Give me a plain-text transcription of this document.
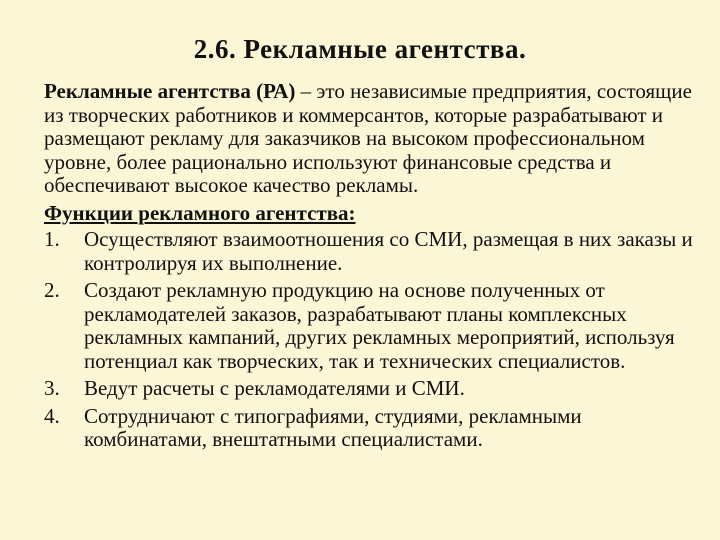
2.6. Рекламные агентства.

Рекламные агентства (РА) – это независимые предприятия, состоящие из творческих работников и коммерсантов, которые разрабатывают и размещают рекламу для заказчиков на высоком профессиональном уровне, более рационально используют финансовые средства и обеспечивают высокое качество рекламы.

Функции рекламного агентства:
1.	Осуществляют взаимоотношения со СМИ, размещая в них заказы и контролируя их выполнение.
2.	Создают рекламную продукцию на основе полученных от рекламодателей заказов, разрабатывают планы комплексных рекламных кампаний, других рекламных мероприятий, используя потенциал как творческих, так и технических специалистов.
3.	Ведут расчеты с рекламодателями и СМИ.
4.	Сотрудничают с типографиями, студиями, рекламными комбинатами, внештатными специалистами.
